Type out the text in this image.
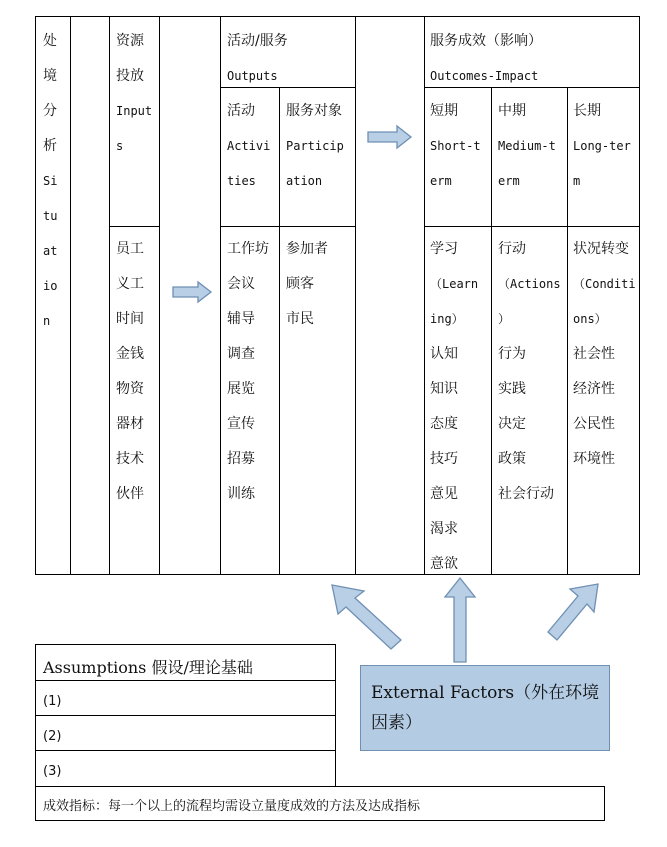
处
境
分
析
Si
tu
at
io
n
资源
投放
Input
s
员工
义工
时间
金钱
物资
器材
技术
伙伴
活动/服务
Outputs
活动
Activi
ties
服务对象
Particip
ation
工作坊
会议
辅导
调查
展览
宣传
招募
训练
参加者
顾客
市民
服务成效（影响）
Outcomes-Impact
短期
Short-t
erm
中期
Medium-t
erm
长期
Long-ter
m
学习
（Learn
ing）
认知
知识
态度
技巧
意见
渴求
意欲
行动
（Actions
）
行为
实践
决定
政策
社会行动
状况转变
（Conditi
ons）
社会性
经济性
公民性
环境性
External Factors（外在环境因素）
Assumptions 假设/理论基础
(1)
(2)
(3)
成效指标：每一个以上的流程均需设立量度成效的方法及达成指标
